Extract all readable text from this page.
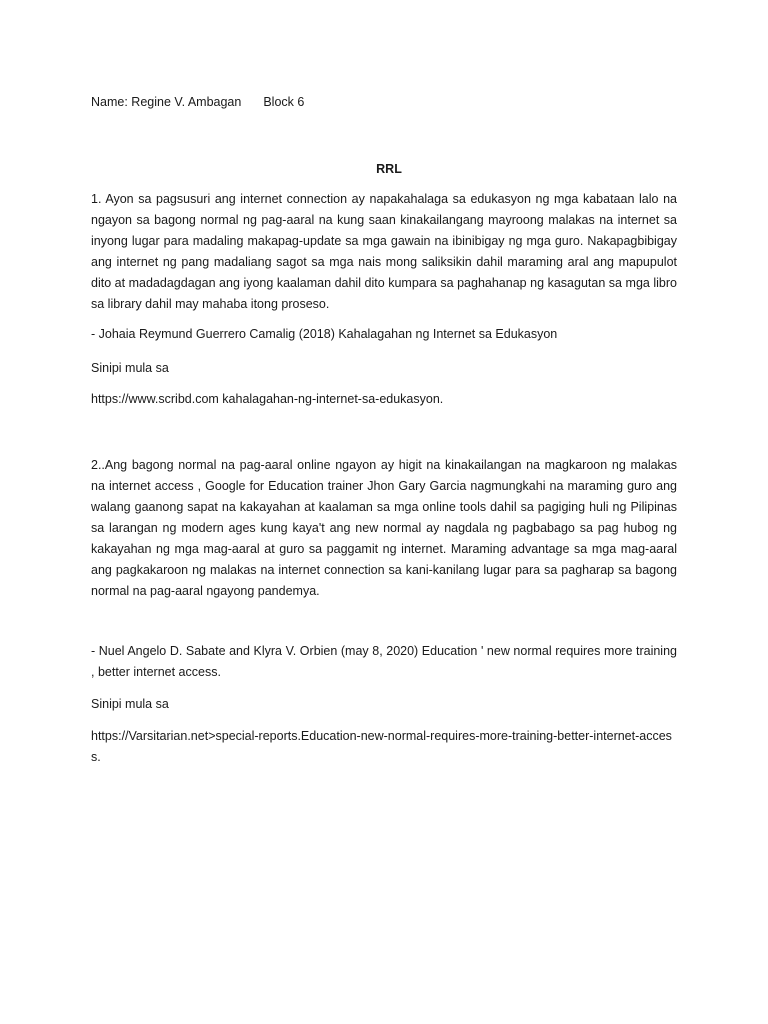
Name: Regine V. Ambagan Block 6
RRL

1. Ayon sa pagsusuri ang internet connection ay napakahalaga sa edukasyon ng mga kabataan lalo na ngayon sa bagong normal ng pag-aaral na kung saan kinakailangang mayroong malakas na internet sa inyong lugar para madaling makapag-update sa mga gawain na ibinibigay ng mga guro. Nakapagbibigay ang internet ng pang madaliang sagot sa mga nais mong saliksikin dahil maraming aral ang mapupulot dito at madadagdagan ang iyong kaalaman dahil dito kumpara sa paghahanap ng kasagutan sa mga libro sa library dahil may mahaba itong proseso.

- Johaia Reymund Guerrero Camalig (2018) Kahalagahan ng Internet sa Edukasyon

Sinipi mula sa

https://www.scribd.com kahalagahan-ng-internet-sa-edukasyon.

2..Ang bagong normal na pag-aaral online ngayon ay higit na kinakailangan na magkaroon ng malakas na internet access , Google for Education trainer Jhon Gary Garcia nagmungkahi na maraming guro ang walang gaanong sapat na kakayahan at kaalaman sa mga online tools dahil sa pagiging huli ng Pilipinas sa larangan ng modern ages kung kaya't ang new normal ay nagdala ng pagbabago sa pag hubog ng kakayahan ng mga mag-aaral at guro sa paggamit ng internet. Maraming advantage sa mga mag-aaral ang pagkakaroon ng malakas na internet connection sa kani-kanilang lugar para sa pagharap sa bagong normal na pag-aaral ngayong pandemya.

- Nuel Angelo D. Sabate and Klyra V. Orbien (may 8, 2020) Education ' new normal requires more training , better internet access.

Sinipi mula sa

https://Varsitarian.net>special-reports.Education-new-normal-requires-more-training-better-internet-access.
